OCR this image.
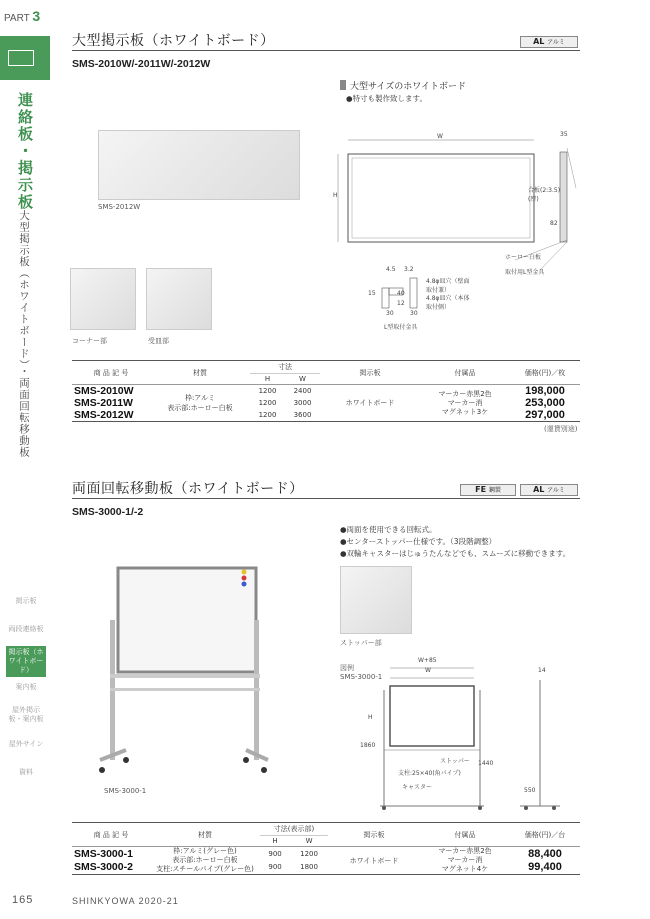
PART 3
連絡板・掲示板
大型掲示板（ホワイトボード）・両面回転移動板
掲示板
両段連絡板
掲示板（ホワイトボード）
案内板
屋外掲示板・案内板
屋外サイン
資料
大型掲示板（ホワイトボード）	AL アルミ
SMS-2010W/-2011W/-2012W
大型サイズのホワイトボード
●特寸も製作致します。
SMS-2012W
コーナー部	受皿部
W
H
35
82
合板(2:3.5)(厚)
ホーロー白板
取付用L型金具
4.5 3.2
4.8φ皿穴（壁面取付兼）
4.8φ皿穴（本体取付側）
30	30
15	40
12
L型取付金具
商 品 記 号	材質	寸法		掲示板	付属品	価格(円)／枚
		H	W			
SMS-2010W	枠:アルミ
表示部:ホーロー白板	1200	2400	ホワイトボード	マーカー赤黒2色
マーカー消
マグネット3ケ	198,000
SMS-2011W		1200	3000			253,000
SMS-2012W		1200	3600			297,000
(運賃別途)
両面回転移動板（ホワイトボード）	FE 鋼製	AL アルミ
SMS-3000-1/-2
●両面を使用できる回転式。
●センターストッパー仕様です。（3段階調整）
●双輪キャスターはじゅうたんなどでも、スムーズに移動できます。
SMS-3000-1
ストッパー部
図例
SMS-3000-1
W+85
W
H
1860
1440
14
550
ストッパー
支柱:25×40(角パイプ)
キャスター
商 品 記 号	材質	寸法(表示部)		掲示板	付属品	価格(円)／台
		H	W			
SMS-3000-1	枠:アルミ(グレー色)
表示部:ホーロー白板
支柱:スチールパイプ(グレー色)	900	1200	ホワイトボード	マーカー赤黒2色
マーカー消
マグネット4ケ	88,400
SMS-3000-2		900	1800			99,400
165	SHINKYOWA 2020-21
